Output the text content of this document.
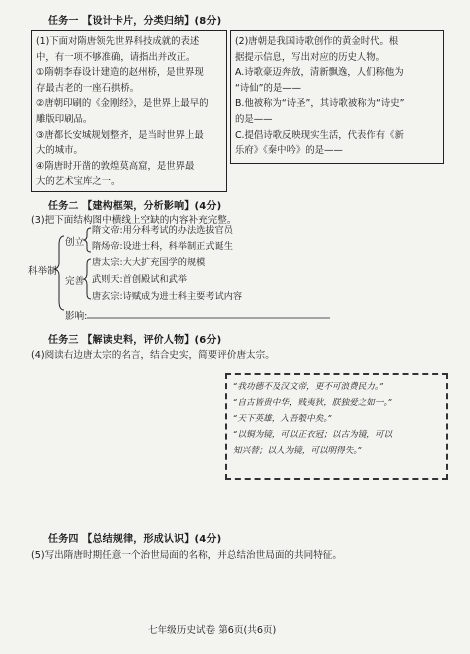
任务一 【设计卡片，分类归纳】(8分)
(1)下面对隋唐领先世界科技成就的表述
中，有一项不够准确，请指出并改正。
①隋朝李春设计建造的赵州桥，是世界现
存最古老的一座石拱桥。
②唐朝印刷的《金刚经》，是世界上最早的
雕版印刷品。
③唐都长安城规划整齐，是当时世界上最
大的城市。
④隋唐时开凿的敦煌莫高窟，是世界最
大的艺术宝库之一。
(2)唐朝是我国诗歌创作的黄金时代。根
据提示信息，写出对应的历史人物。
A.诗歌豪迈奔放，清新飘逸，人们称他为
“诗仙”的是——
B.他被称为“诗圣”，其诗歌被称为“诗史”
的是——
C.提倡诗歌反映现实生活，代表作有《新
乐府》《秦中吟》的是——
任务二 【建构框架，分析影响】(4分)
(3)把下面结构图中横线上空缺的内容补充完整。
科举制
创立
完善
影响:
隋文帝:用分科考试的办法选拔官员
隋炀帝:设进士科，科举制正式诞生
唐太宗:大大扩充国学的规模
武则天:首创殿试和武举
唐玄宗:诗赋成为进士科主要考试内容
任务三 【解读史料，评价人物】(6分)
(4)阅读右边唐太宗的名言，结合史实，简要评价唐太宗。
“我功德不及汉文帝，更不可浪费民力。”
“自古皆贵中华，贱夷狄，朕独爱之如一。”
“天下英雄，入吾彀中矣。”
“以铜为镜，可以正衣冠；以古为镜，可以
知兴替；以人为镜，可以明得失。”
任务四 【总结规律，形成认识】(4分)
(5)写出隋唐时期任意一个治世局面的名称，并总结治世局面的共同特征。
七年级历史试卷 第6页(共6页)
